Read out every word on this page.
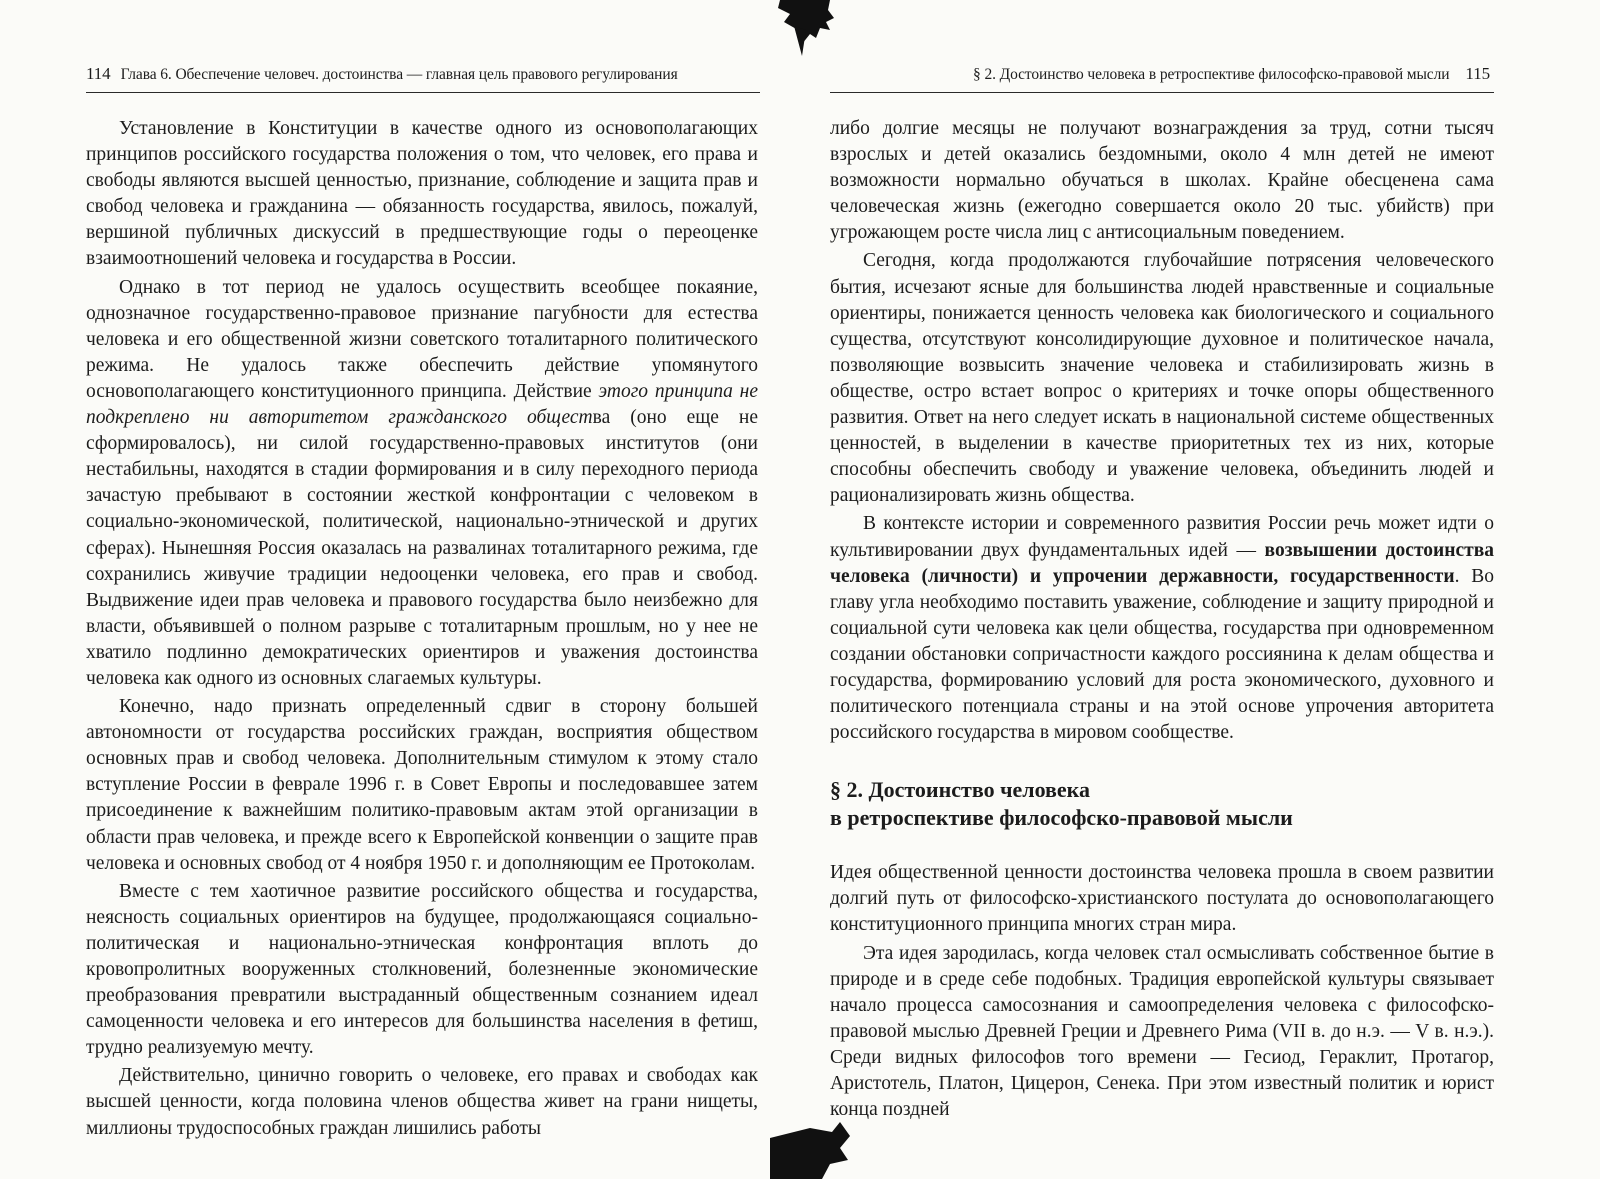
114 Глава 6. Обеспечение человеч. достоинства — главная цель правового регулирования

Установление в Конституции в качестве одного из основополагающих принципов российского государства положения о том, что человек, его права и свободы являются высшей ценностью, признание, соблюдение и защита прав и свобод человека и гражданина — обязанность государства, явилось, пожалуй, вершиной публичных дискуссий в предшествующие годы о переоценке взаимоотношений человека и государства в России.

Однако в тот период не удалось осуществить всеобщее покаяние, однозначное государственно-правовое признание пагубности для естества человека и его общественной жизни советского тоталитарного политического режима. Не удалось также обеспечить действие упомянутого основополагающего конституционного принципа. Действие этого принципа не подкреплено ни авторитетом гражданского общества (оно еще не сформировалось), ни силой государственно-правовых институтов (они нестабильны, находятся в стадии формирования и в силу переходного периода зачастую пребывают в состоянии жесткой конфронтации с человеком в социально-экономической, политической, национально-этнической и других сферах). Нынешняя Россия оказалась на развалинах тоталитарного режима, где сохранились живучие традиции недооценки человека, его прав и свобод. Выдвижение идеи прав человека и правового государства было неизбежно для власти, объявившей о полном разрыве с тоталитарным прошлым, но у нее не хватило подлинно демократических ориентиров и уважения достоинства человека как одного из основных слагаемых культуры.

Конечно, надо признать определенный сдвиг в сторону большей автономности от государства российских граждан, восприятия обществом основных прав и свобод человека. Дополнительным стимулом к этому стало вступление России в феврале 1996 г. в Совет Европы и последовавшее затем присоединение к важнейшим политико-правовым актам этой организации в области прав человека, и прежде всего к Европейской конвенции о защите прав человека и основных свобод от 4 ноября 1950 г. и дополняющим ее Протоколам.

Вместе с тем хаотичное развитие российского общества и государства, неясность социальных ориентиров на будущее, продолжающаяся социально-политическая и национально-этническая конфронтация вплоть до кровопролитных вооруженных столкновений, болезненные экономические преобразования превратили выстраданный общественным сознанием идеал самоценности человека и его интересов для большинства населения в фетиш, трудно реализуемую мечту.

Действительно, цинично говорить о человеке, его правах и свободах как высшей ценности, когда половина членов общества живет на грани нищеты, миллионы трудоспособных граждан лишились работы

§ 2. Достоинство человека в ретроспективе философско-правовой мысли 115

либо долгие месяцы не получают вознаграждения за труд, сотни тысяч взрослых и детей оказались бездомными, около 4 млн детей не имеют возможности нормально обучаться в школах. Крайне обесценена сама человеческая жизнь (ежегодно совершается около 20 тыс. убийств) при угрожающем росте числа лиц с антисоциальным поведением.

Сегодня, когда продолжаются глубочайшие потрясения человеческого бытия, исчезают ясные для большинства людей нравственные и социальные ориентиры, понижается ценность человека как биологического и социального существа, отсутствуют консолидирующие духовное и политическое начала, позволяющие возвысить значение человека и стабилизировать жизнь в обществе, остро встает вопрос о критериях и точке опоры общественного развития. Ответ на него следует искать в национальной системе общественных ценностей, в выделении в качестве приоритетных тех из них, которые способны обеспечить свободу и уважение человека, объединить людей и рационализировать жизнь общества.

В контексте истории и современного развития России речь может идти о культивировании двух фундаментальных идей — возвышении достоинства человека (личности) и упрочении державности, государственности. Во главу угла необходимо поставить уважение, соблюдение и защиту природной и социальной сути человека как цели общества, государства при одновременном создании обстановки сопричастности каждого россиянина к делам общества и государства, формированию условий для роста экономического, духовного и политического потенциала страны и на этой основе упрочения авторитета российского государства в мировом сообществе.

§ 2. Достоинство человека
в ретроспективе философско-правовой мысли

Идея общественной ценности достоинства человека прошла в своем развитии долгий путь от философско-христианского постулата до основополагающего конституционного принципа многих стран мира.

Эта идея зародилась, когда человек стал осмысливать собственное бытие в природе и в среде себе подобных. Традиция европейской культуры связывает начало процесса самосознания и самоопределения человека с философско-правовой мыслью Древней Греции и Древнего Рима (VII в. до н.э. — V в. н.э.). Среди видных философов того времени — Гесиод, Гераклит, Протагор, Аристотель, Платон, Цицерон, Сенека. При этом известный политик и юрист конца поздней
